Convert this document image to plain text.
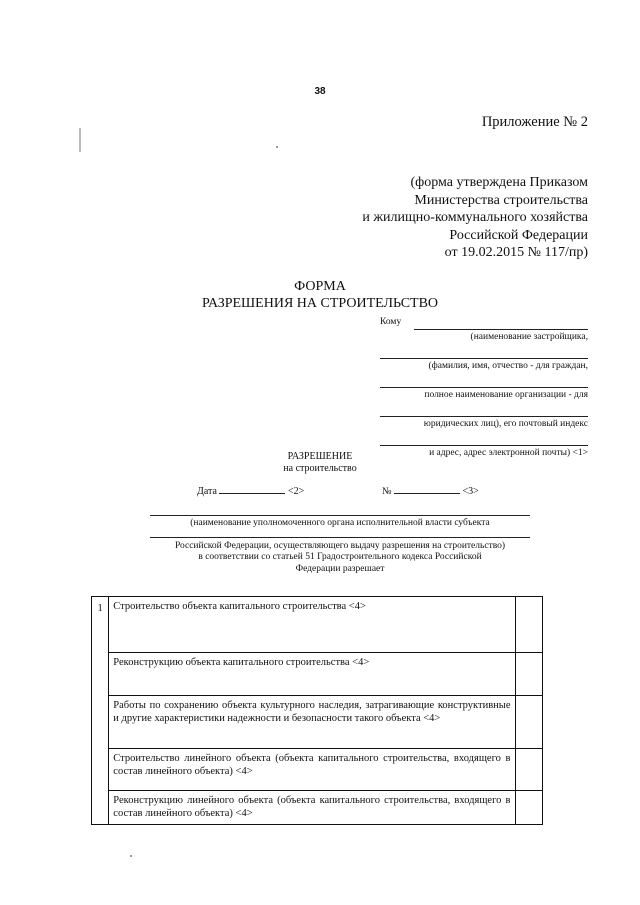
38
Приложение № 2
(форма утверждена Приказом
Министерства строительства
и жилищно-коммунального хозяйства
Российской Федерации
от 19.02.2015 № 117/пр)
ФОРМА
РАЗРЕШЕНИЯ НА СТРОИТЕЛЬСТВО
Кому
(наименование застройщика,
(фамилия, имя, отчество - для граждан,
полное наименование организации - для
юридических лиц), его почтовый индекс
и адрес, адрес электронной почты) <1>
РАЗРЕШЕНИЕ
на строительство
Дата	<2>	№	<3>
(наименование уполномоченного органа исполнительной власти субъекта
Российской Федерации, осуществляющего выдачу разрешения на строительство)
в соответствии со статьей 51 Градостроительного кодекса Российской
Федерации разрешает
1	Строительство объекта капитального строительства <4>	
	Реконструкцию объекта капитального строительства <4>	
	Работы по сохранению объекта культурного наследия, затрагивающие конструктивные и другие характеристики надежности и безопасности такого объекта <4>	
	Строительство линейного объекта (объекта капитального строительства, входящего в состав линейного объекта) <4>	
	Реконструкцию линейного объекта (объекта капитального строительства, входящего в состав линейного объекта) <4>	
